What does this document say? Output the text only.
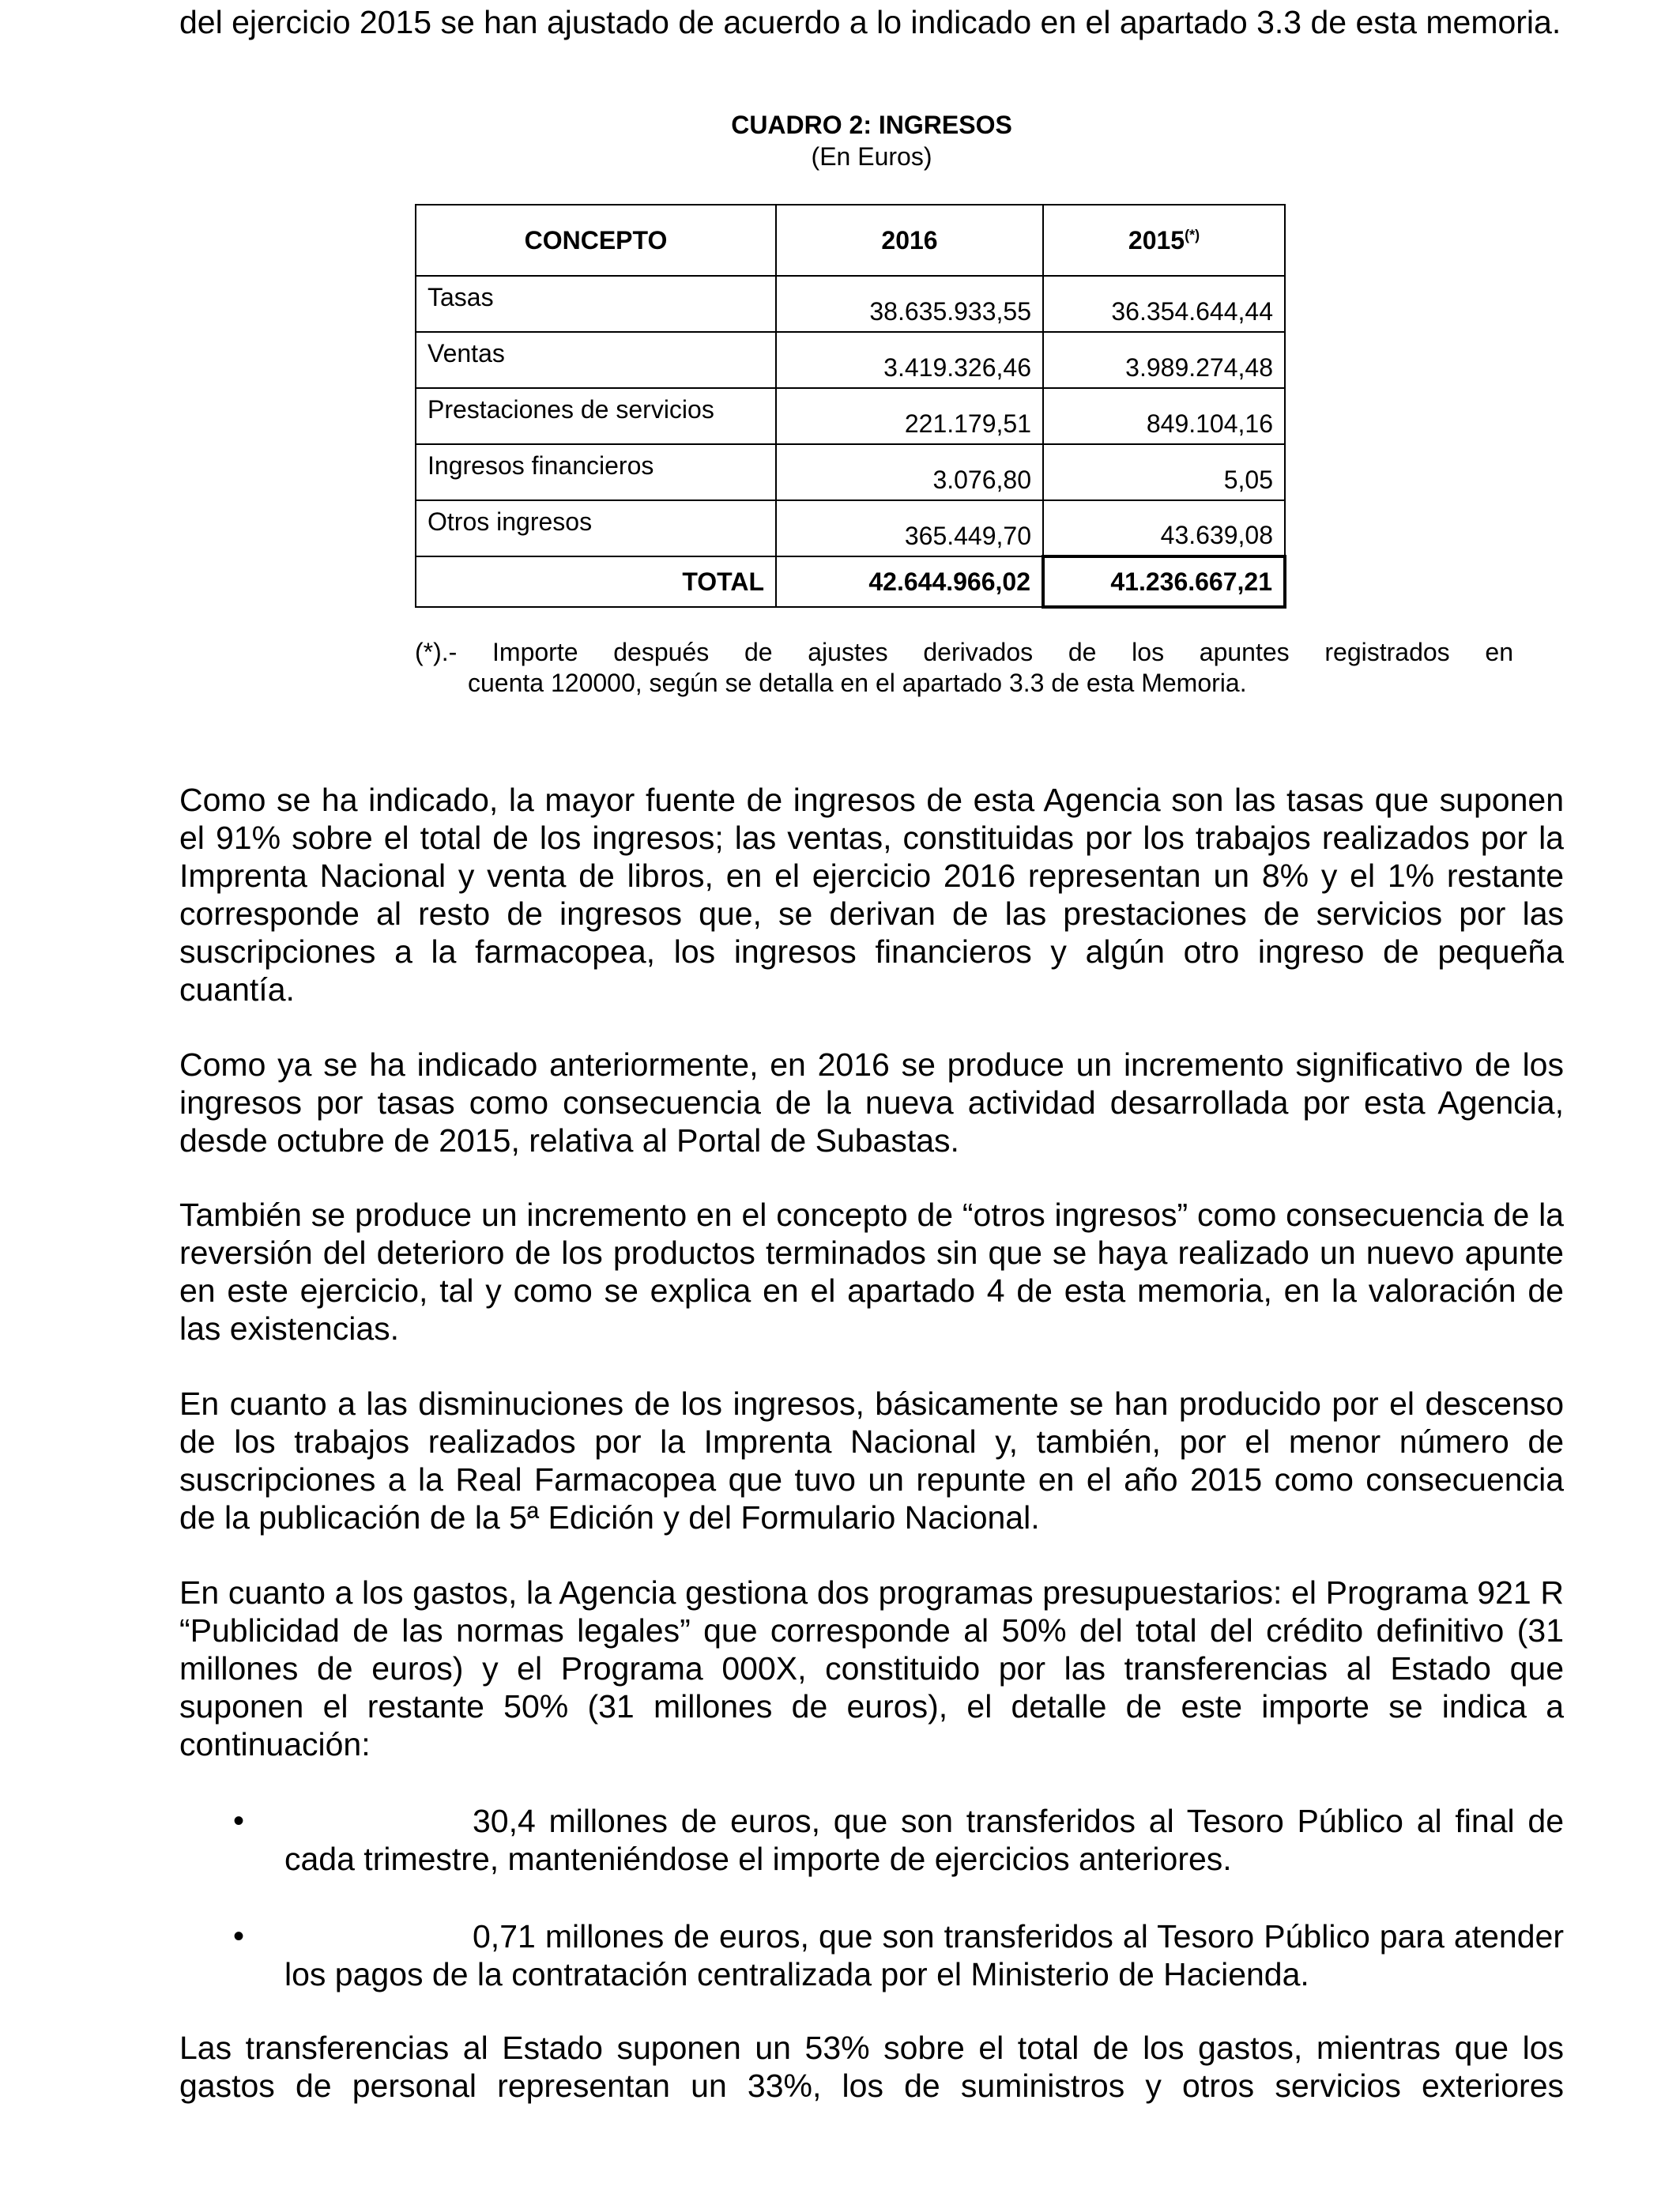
del ejercicio 2015 se han ajustado de acuerdo a lo indicado en el apartado 3.3 de esta memoria.

CUADRO 2: INGRESOS
(En Euros)
CONCEPTO	2016	2015(*)
Tasas	38.635.933,55	36.354.644,44
Ventas	3.419.326,46	3.989.274,48
Prestaciones de servicios	221.179,51	849.104,16
Ingresos financieros	3.076,80	5,05
Otros ingresos	365.449,70	43.639,08
TOTAL	42.644.966,02	41.236.667,21
(*).- Importe después de ajustes derivados de los apuntes registrados en
cuenta 120000, según se detalla en el apartado 3.3 de esta Memoria.

Como se ha indicado, la mayor fuente de ingresos de esta Agencia son las tasas que suponen el 91% sobre el total de los ingresos; las ventas, constituidas por los trabajos realizados por la Imprenta Nacional y venta de libros, en el ejercicio 2016 representan un 8% y el 1% restante corresponde al resto de ingresos que, se derivan de las prestaciones de servicios por las suscripciones a la farmacopea, los ingresos financieros y algún otro ingreso de pequeña cuantía.

Como ya se ha indicado anteriormente, en 2016 se produce un incremento significativo de los ingresos por tasas como consecuencia de la nueva actividad desarrollada por esta Agencia, desde octubre de 2015, relativa al Portal de Subastas.

También se produce un incremento en el concepto de “otros ingresos” como consecuencia de la reversión del deterioro de los productos terminados sin que se haya realizado un nuevo apunte en este ejercicio, tal y como se explica en el apartado 4 de esta memoria, en la valoración de las existencias.

En cuanto a las disminuciones de los ingresos, básicamente se han producido por el descenso de los trabajos realizados por la Imprenta Nacional y, también, por el menor número de suscripciones a la Real Farmacopea que tuvo un repunte en el año 2015 como consecuencia de la publicación de la 5ª Edición y del Formulario Nacional.

En cuanto a los gastos, la Agencia gestiona dos programas presupuestarios: el Programa 921 R “Publicidad de las normas legales” que corresponde al 50% del total del crédito definitivo (31 millones de euros) y el Programa 000X, constituido por las transferencias al Estado que suponen el restante 50% (31 millones de euros), el detalle de este importe se indica a continuación:

•	30,4 millones de euros, que son transferidos al Tesoro Público al final de cada trimestre, manteniéndose el importe de ejercicios anteriores.
•	0,71 millones de euros, que son transferidos al Tesoro Público para atender los pagos de la contratación centralizada por el Ministerio de Hacienda.

Las transferencias al Estado suponen un 53% sobre el total de los gastos, mientras que los gastos de personal representan un 33%, los de suministros y otros servicios exteriores
